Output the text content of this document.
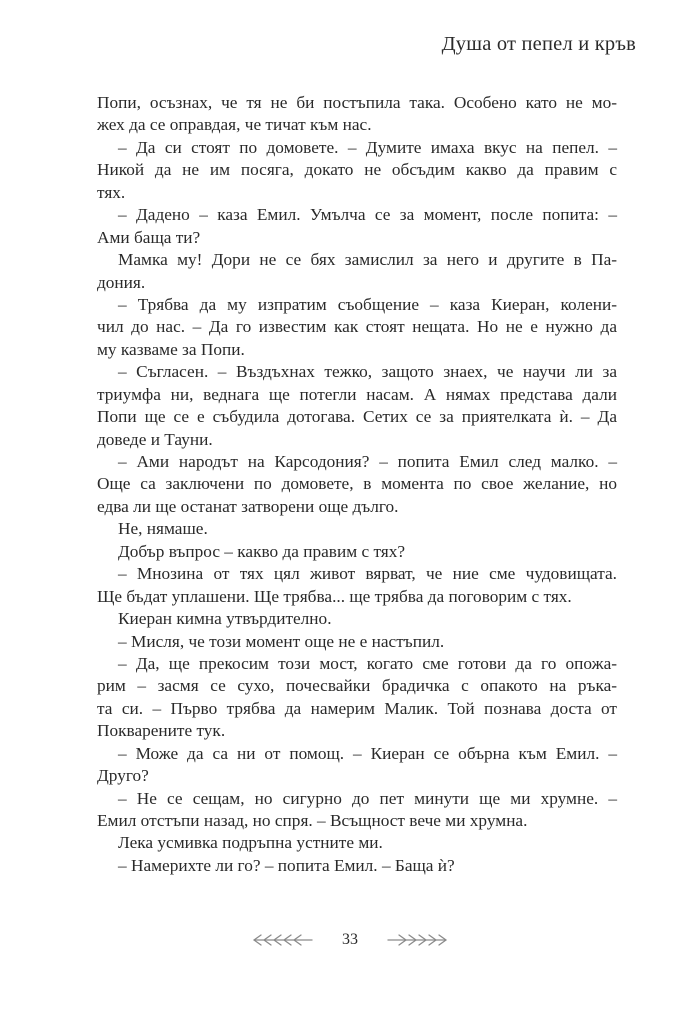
Душа от пепел и кръв
Попи, осъзнах, че тя не би постъпила така. Особено като не мо-
жех да се оправдая, че тичат към нас.
– Да си стоят по домовете. – Думите имаха вкус на пепел. –
Никой да не им посяга, докато не обсъдим какво да правим с
тях.
– Дадено – каза Емил. Умълча се за момент, после попита: –
Ами баща ти?
Мамка му! Дори не се бях замислил за него и другите в Па-
дония.
– Трябва да му изпратим съобщение – каза Киеран, колени-
чил до нас. – Да го известим как стоят нещата. Но не е нужно да
му казваме за Попи.
– Съгласен. – Въздъхнах тежко, защото знаех, че научи ли за
триумфа ни, веднага ще потегли насам. А нямах представа дали
Попи ще се е събудила дотогава. Сетих се за приятелката ѝ. – Да
доведе и Тауни.
– Ами народът на Карсодония? – попита Емил след малко. –
Още са заключени по домовете, в момента по свое желание, но
едва ли ще останат затворени още дълго.
Не, нямаше.
Добър въпрос – какво да правим с тях?
– Мнозина от тях цял живот вярват, че ние сме чудовищата.
Ще бъдат уплашени. Ще трябва... ще трябва да поговорим с тях.
Киеран кимна утвърдително.
– Мисля, че този момент още не е настъпил.
– Да, ще прекосим този мост, когато сме готови да го опожа-
рим – засмя се сухо, почесвайки брадичка с опакото на ръка-
та си. – Първо трябва да намерим Малик. Той познава доста от
Покварените тук.
– Може да са ни от помощ. – Киеран се обърна към Емил. –
Друго?
– Не се сещам, но сигурно до пет минути ще ми хрумне. –
Емил отстъпи назад, но спря. – Всъщност вече ми хрумна.
Лека усмивка подръпна устните ми.
– Намерихте ли го? – попита Емил. – Баща ѝ?
33
